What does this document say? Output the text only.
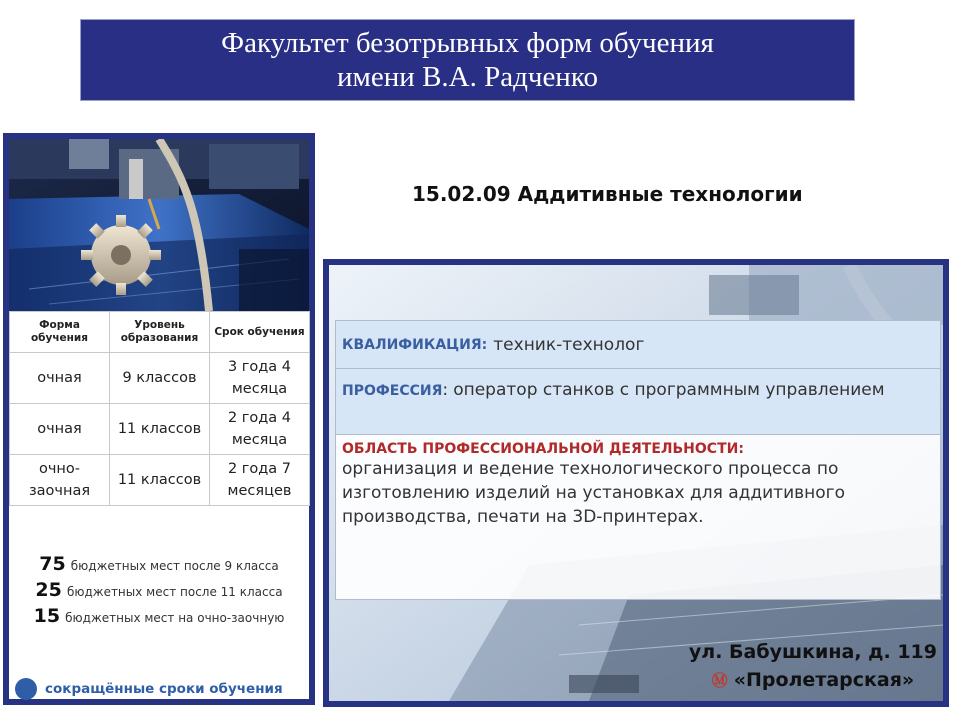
Факультет безотрывных форм обучения
имени В.А. Радченко
Форма обучения	Уровень образования	Срок обучения
очная	9 классов	3 года 4 месяца
очная	11 классов	2 года 4 месяца
очно-заочная	11 классов	2 года 7 месяцев
75 бюджетных мест после 9 класса
25 бюджетных мест после 11 класса
15 бюджетных мест на очно-заочную
сокращённые сроки обучения
15.02.09 Аддитивные технологии
КВАЛИФИКАЦИЯ: техник-технолог
ПРОФЕССИЯ: оператор станков с программным управлением
ОБЛАСТЬ ПРОФЕССИОНАЛЬНОЙ ДЕЯТЕЛЬНОСТИ:
организация и ведение технологического процесса по изготовлению изделий на установках для аддитивного производства, печати на 3D-принтерах.
ул. Бабушкина, д. 119
Ⓜ «Пролетарская»
